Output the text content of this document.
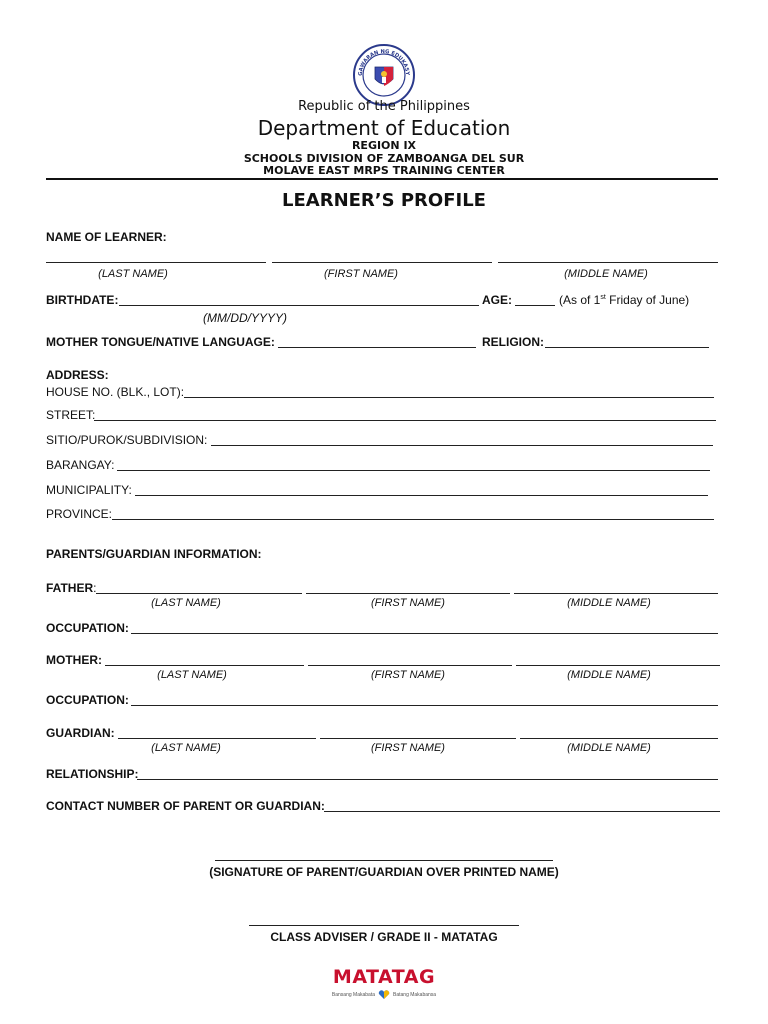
GAWARAN NG EDUKASY
Republic of the Philippines
Department of Education
REGION IX
SCHOOLS DIVISION OF ZAMBOANGA DEL SUR
MOLAVE EAST MRPS TRAINING CENTER
LEARNER’S PROFILE
NAME OF LEARNER:
(LAST NAME)	(FIRST NAME)	(MIDDLE NAME)
BIRTHDATE:	AGE:	(As of 1st Friday of June)
(MM/DD/YYYY)
MOTHER TONGUE/NATIVE LANGUAGE:	RELIGION:
ADDRESS:
HOUSE NO. (BLK., LOT):
STREET:
SITIO/PUROK/SUBDIVISION:
BARANGAY:
MUNICIPALITY:
PROVINCE:
PARENTS/GUARDIAN INFORMATION:
FATHER:
(LAST NAME)	(FIRST NAME)	(MIDDLE NAME)
OCCUPATION:
MOTHER:
(LAST NAME)	(FIRST NAME)	(MIDDLE NAME)
OCCUPATION:
GUARDIAN:
(LAST NAME)	(FIRST NAME)	(MIDDLE NAME)
RELATIONSHIP:
CONTACT NUMBER OF PARENT OR GUARDIAN:
(SIGNATURE OF PARENT/GUARDIAN OVER PRINTED NAME)
CLASS ADVISER / GRADE II - MATATAG
MATATAG
Bansang Makabata	Batang Makabansa
